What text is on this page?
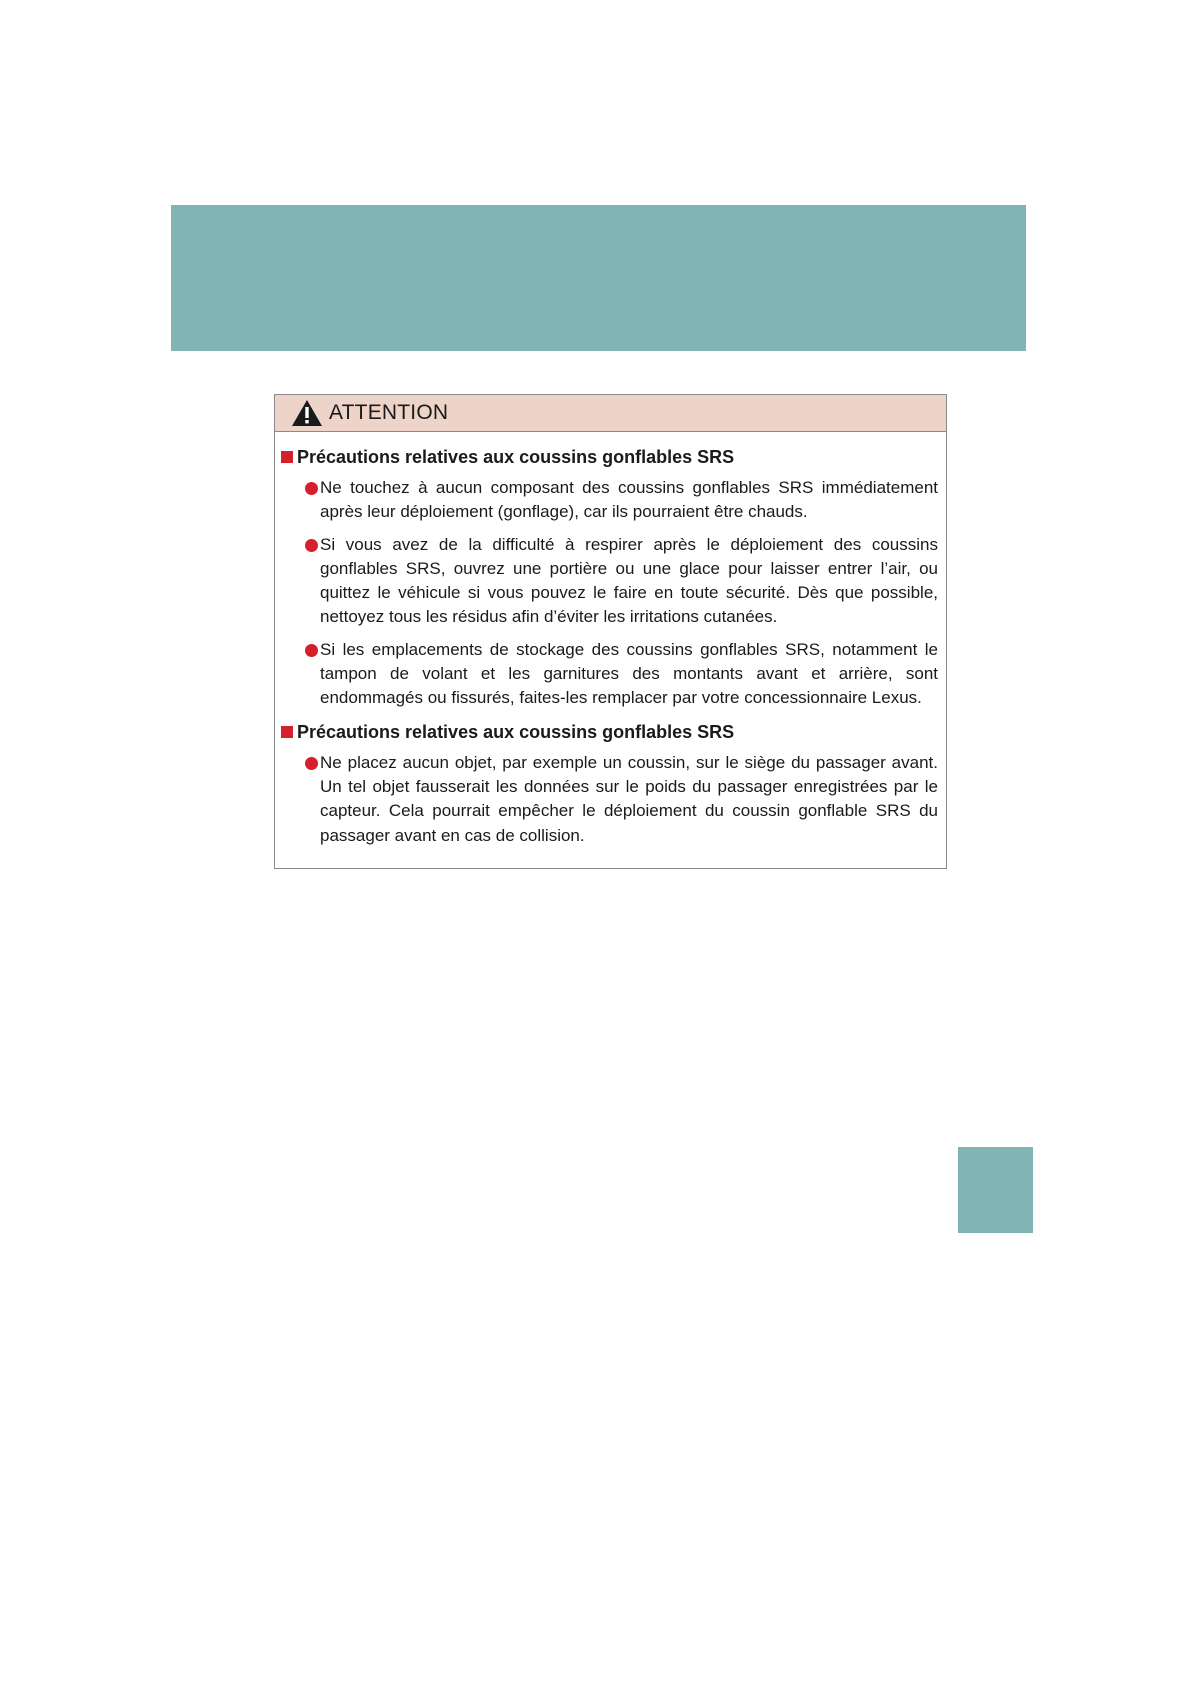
ATTENTION
Précautions relatives aux coussins gonflables SRS
Ne touchez à aucun composant des coussins gonflables SRS immédiatement après leur déploiement (gonflage), car ils pourraient être chauds.
Si vous avez de la difficulté à respirer après le déploiement des coussins gonflables SRS, ouvrez une portière ou une glace pour laisser entrer l’air, ou quittez le véhicule si vous pouvez le faire en toute sécurité. Dès que possible, nettoyez tous les résidus afin d’éviter les irritations cutanées.
Si les emplacements de stockage des coussins gonflables SRS, notamment le tampon de volant et les garnitures des montants avant et arrière, sont endommagés ou fissurés, faites-les remplacer par votre concessionnaire Lexus.
Précautions relatives aux coussins gonflables SRS
Ne placez aucun objet, par exemple un coussin, sur le siège du passager avant. Un tel objet fausserait les données sur le poids du passager enregistrées par le capteur. Cela pourrait empêcher le déploiement du coussin gonflable SRS du passager avant en cas de collision.
